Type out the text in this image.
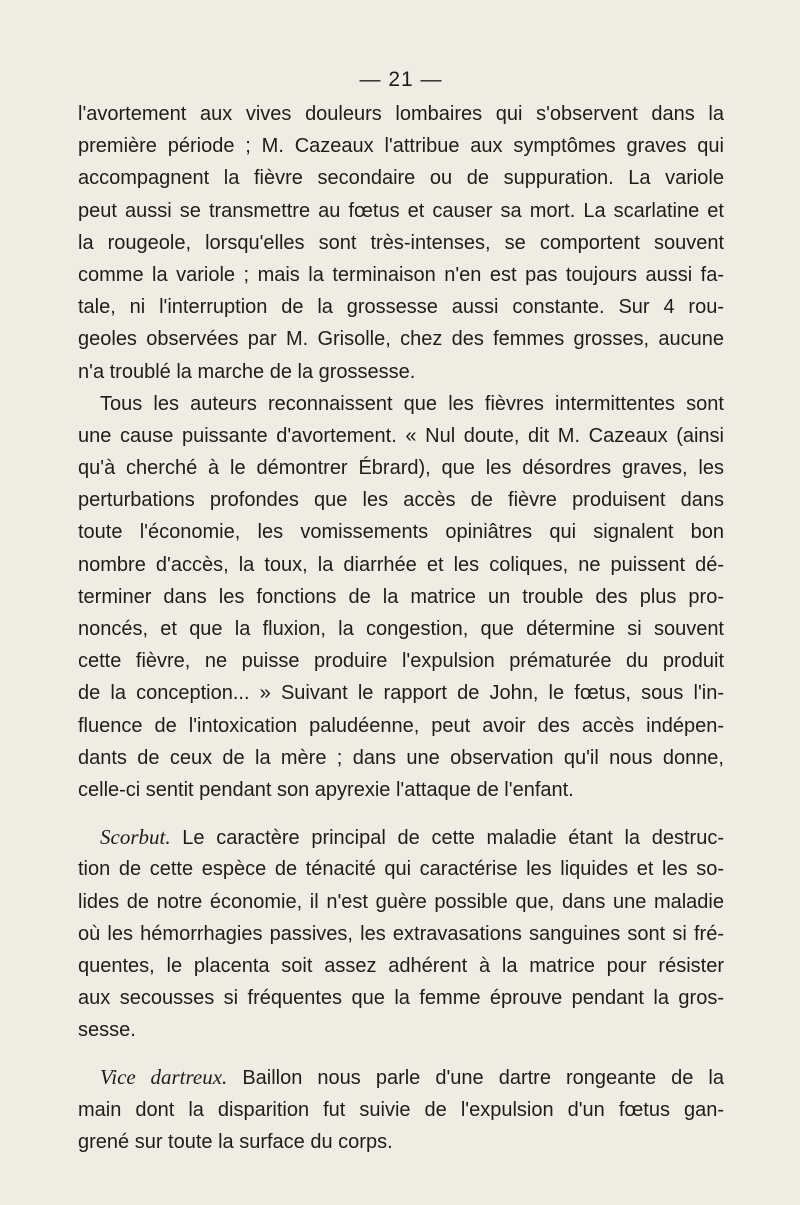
— 21 —
l'avortement aux vives douleurs lombaires qui s'observent dans la
première période ; M. Cazeaux l'attribue aux symptômes graves qui
accompagnent la fièvre secondaire ou de suppuration. La variole
peut aussi se transmettre au fœtus et causer sa mort. La scarlatine et
la rougeole, lorsqu'elles sont très-intenses, se comportent souvent
comme la variole ; mais la terminaison n'en est pas toujours aussi fa-
tale, ni l'interruption de la grossesse aussi constante. Sur 4 rou-
geoles observées par M. Grisolle, chez des femmes grosses, aucune
n'a troublé la marche de la grossesse.
Tous les auteurs reconnaissent que les fièvres intermittentes sont
une cause puissante d'avortement. « Nul doute, dit M. Cazeaux (ainsi
qu'à cherché à le démontrer Ébrard), que les désordres graves, les
perturbations profondes que les accès de fièvre produisent dans
toute l'économie, les vomissements opiniâtres qui signalent bon
nombre d'accès, la toux, la diarrhée et les coliques, ne puissent dé-
terminer dans les fonctions de la matrice un trouble des plus pro-
noncés, et que la fluxion, la congestion, que détermine si souvent
cette fièvre, ne puisse produire l'expulsion prématurée du produit
de la conception... » Suivant le rapport de John, le fœtus, sous l'in-
fluence de l'intoxication paludéenne, peut avoir des accès indépen-
dants de ceux de la mère ; dans une observation qu'il nous donne,
celle-ci sentit pendant son apyrexie l'attaque de l'enfant.
Scorbut. Le caractère principal de cette maladie étant la destruc-
tion de cette espèce de ténacité qui caractérise les liquides et les so-
lides de notre économie, il n'est guère possible que, dans une maladie
où les hémorrhagies passives, les extravasations sanguines sont si fré-
quentes, le placenta soit assez adhérent à la matrice pour résister
aux secousses si fréquentes que la femme éprouve pendant la gros-
sesse.
Vice dartreux. Baillon nous parle d'une dartre rongeante de la
main dont la disparition fut suivie de l'expulsion d'un fœtus gan-
grené sur toute la surface du corps.
